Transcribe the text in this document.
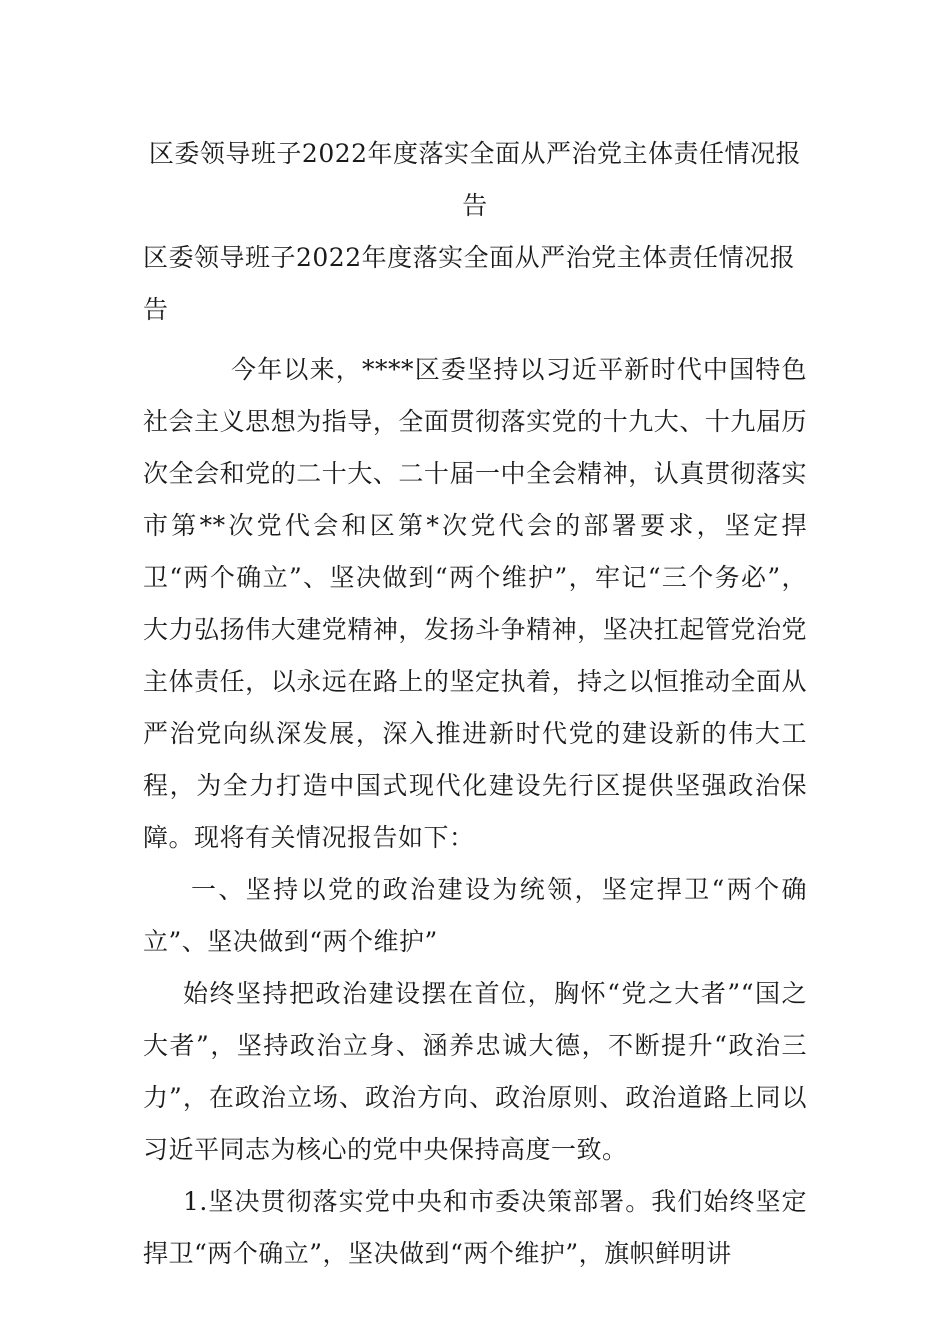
区委领导班子2022年度落实全面从严治党主体责任情况报
告
区委领导班子2022年度落实全面从严治党主体责任情况报告

今年以来，****区委坚持以习近平新时代中国特色社会主义思想为指导，全面贯彻落实党的十九大、十九届历次全会和党的二十大、二十届一中全会精神，认真贯彻落实市第**次党代会和区第*次党代会的部署要求，坚定捍卫“两个确立”、坚决做到“两个维护”，牢记“三个务必”，大力弘扬伟大建党精神，发扬斗争精神，坚决扛起管党治党主体责任，以永远在路上的坚定执着，持之以恒推动全面从严治党向纵深发展，深入推进新时代党的建设新的伟大工程，为全力打造中国式现代化建设先行区提供坚强政治保障。现将有关情况报告如下：

一、坚持以党的政治建设为统领，坚定捍卫“两个确立”、坚决做到“两个维护”

始终坚持把政治建设摆在首位，胸怀“党之大者”“国之大者”，坚持政治立身、涵养忠诚大德，不断提升“政治三力”，在政治立场、政治方向、政治原则、政治道路上同以习近平同志为核心的党中央保持高度一致。

1.坚决贯彻落实党中央和市委决策部署。我们始终坚定捍卫“两个确立”，坚决做到“两个维护”，旗帜鲜明讲
